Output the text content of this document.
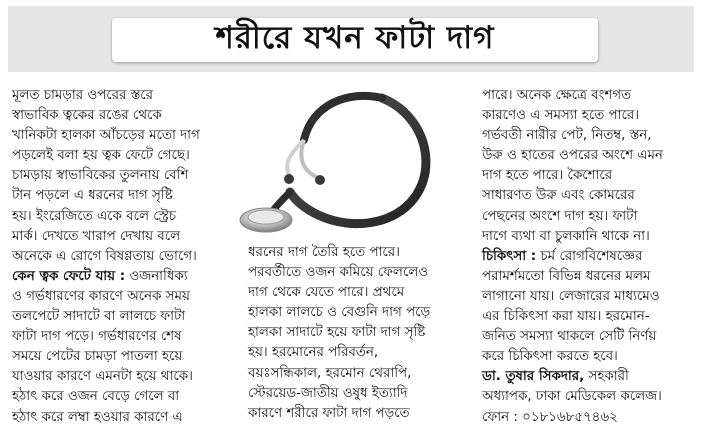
শরীরে যখন ফাটা দাগ
মূলত চামড়ার ওপরের স্তরে
স্বাভাবিক ত্বকের রঙের থেকে
খানিকটা হালকা আঁচড়ের মতো দাগ
পড়লেই বলা হয় ত্বক ফেটে গেছে।
চামড়ায় স্বাভাবিকের তুলনায় বেশি
টান পড়লে এ ধরনের দাগ সৃষ্টি
হয়। ইংরেজিতে একে বলে স্ট্রেচ
মার্ক। দেখতে খারাপ দেখায় বলে
অনেকে এ রোগে বিষণ্ণতায় ভোগে।
কেন ত্বক ফেটে যায় : ওজনাধিক্য
ও গর্ভধারণের কারণে অনেক সময়
তলপেটে সাদাটে বা লালচে ফাটা
ফাটা দাগ পড়ে। গর্ভধারণের শেষ
সময়ে পেটের চামড়া পাতলা হয়ে
যাওয়ার কারণে এমনটা হয়ে থাকে।
হঠাৎ করে ওজন বেড়ে গেলে বা
হঠাৎ করে লম্বা হওয়ার কারণে এ
ধরনের দাগ তৈরি হতে পারে।
পরবর্তীতে ওজন কমিয়ে ফেললেও
দাগ থেকে যেতে পারে। প্রথমে
হালকা লালচে ও বেগুনি দাগ পড়ে
হালকা সাদাটে হয়ে ফাটা দাগ সৃষ্টি
হয়। হরমোনের পরিবর্তন,
বয়ঃসন্ধিকাল, হরমোন থেরাপি,
স্টেরয়েড-জাতীয় ওষুধ ইত্যাদি
কারণে শরীরে ফাটা দাগ পড়তে
পারে। অনেক ক্ষেত্রে বংশগত
কারণেও এ সমস্যা হতে পারে।
গর্ভবতী নারীর পেট, নিতম্ব, স্তন,
উরু ও হাতের ওপরের অংশে এমন
দাগ হতে পারে। কৈশোরে
সাধারণত উরু এবং কোমরের
পেছনের অংশে দাগ হয়। ফাটা
দাগে ব্যথা বা চুলকানি থাকে না।
চিকিৎসা : চর্ম রোগবিশেষজ্ঞের
পরামর্শমতো বিভিন্ন ধরনের মলম
লাগানো যায়। লেজারের মাধ্যমেও
এর চিকিৎসা করা যায়। হরমোন-
জনিত সমস্যা থাকলে সেটি নির্ণয়
করে চিকিৎসা করতে হবে।
ডা. তুষার সিকদার, সহকারী
অধ্যাপক, ঢাকা মেডিকেল কলেজ।
ফোন : ০১৮১৬৮৫৭৪৬২
